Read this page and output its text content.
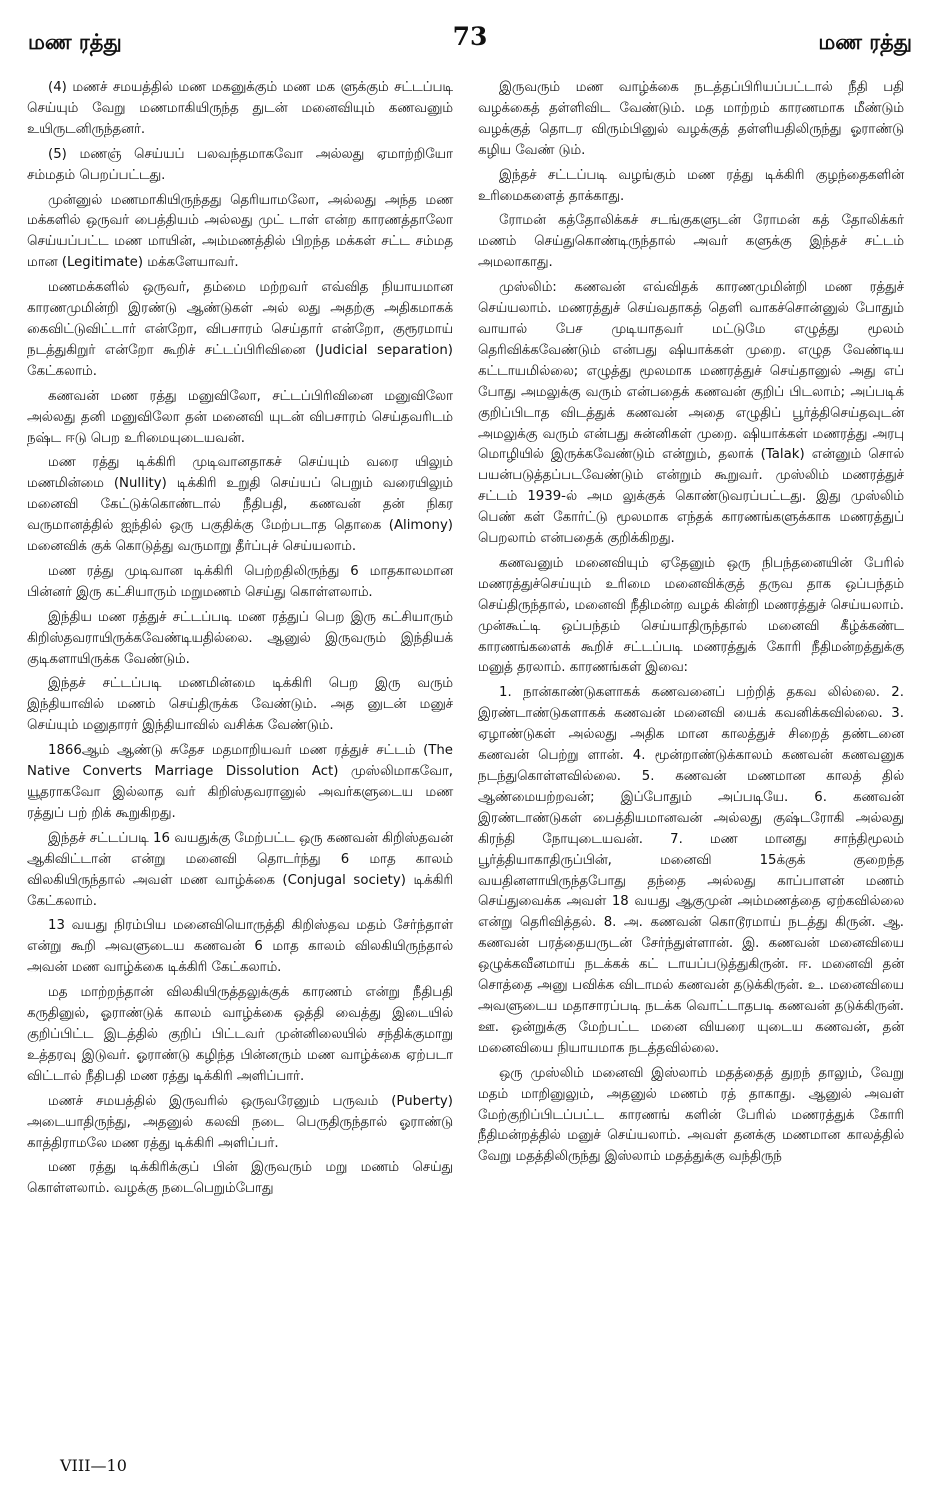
மண ரத்து	73	மண ரத்து

(4) மணச் சமயத்தில் மண மகனுக்கும் மண மக ளுக்கும் சட்டப்படி செய்யும் வேறு மணமாகியிருந்த துடன் மனைவியும் கணவனும் உயிருடனிருந்தனர்.

(5) மணஞ் செய்யப் பலவந்தமாகவோ அல்லது ஏமாற்றியோ சம்மதம் பெறப்பட்டது.

முன்னுல் மணமாகியிருந்தது தெரியாமலோ, அல்லது அந்த மண மக்களில் ஒருவர் பைத்தியம் அல்லது முட் டாள் என்ற காரணத்தாலோ செய்யப்பட்ட மண மாயின், அம்மணத்தில் பிறந்த மக்கள் சட்ட சம்மத மான (Legitimate) மக்களேயாவர்.

மணமக்களில் ஒருவர், தம்மை மற்றவர் எவ்வித நியாயமான காரணமுமின்றி இரண்டு ஆண்டுகள் அல் லது அதற்கு அதிகமாகக் கைவிட்டுவிட்டார் என்றோ, விபசாரம் செய்தார் என்றோ, குரூரமாய் நடத்துகிறுர் என்றோ கூறிச் சட்டப்பிரிவினை (Judicial separation) கேட்கலாம்.

கணவன் மண ரத்து மனுவிலோ, சட்டப்பிரிவினை மனுவிலோ அல்லது தனி மனுவிலோ தன் மனைவி யுடன் விபசாரம் செய்தவரிடம் நஷ்ட ஈடு பெற உரிமையுடையவன்.

மண ரத்து டிக்கிரி முடிவானதாகச் செய்யும் வரை யிலும் மணமின்மை (Nullity) டிக்கிரி உறுதி செய்யப் பெறும் வரையிலும் மனைவி கேட்டுக்கொண்டால் நீதிபதி, கணவன் தன் நிகர வருமானத்தில் ஐந்தில் ஒரு பகுதிக்கு மேற்படாத தொகை (Alimony) மனைவிக் குக் கொடுத்து வருமாறு தீர்ப்புச் செய்யலாம்.

மண ரத்து முடிவான டிக்கிரி பெற்றதிலிருந்து 6 மாதகாலமான பின்னர் இரு கட்சியாரும் மறுமணம் செய்து கொள்ளலாம்.

இந்திய மண ரத்துச் சட்டப்படி மண ரத்துப் பெற இரு கட்சியாரும் கிறிஸ்தவராயிருக்கவேண்டியதில்லை. ஆனுல் இருவரும் இந்தியக் குடிகளாயிருக்க வேண்டும்.

இந்தச் சட்டப்படி மணமின்மை டிக்கிரி பெற இரு வரும் இந்தியாவில் மணம் செய்திருக்க வேண்டும். அத னுடன் மனுச் செய்யும் மனுதாரர் இந்தியாவில் வசிக்க வேண்டும்.

1866ஆம் ஆண்டு சுதேச மதமாறியவர் மண ரத்துச் சட்டம் (The Native Converts Marriage Dissolution Act) முஸ்லிமாகவோ, யூதராகவோ இல்லாத வர் கிறிஸ்தவரானுல் அவர்களுடைய மண ரத்துப் பற் றிக் கூறுகிறது.

இந்தச் சட்டப்படி 16 வயதுக்கு மேற்பட்ட ஒரு கணவன் கிறிஸ்தவன் ஆகிவிட்டான் என்று மனைவி தொடர்ந்து 6 மாத காலம் விலகியிருந்தால் அவள் மண வாழ்க்கை (Conjugal society) டிக்கிரி கேட்கலாம்.

13 வயது நிரம்பிய மனைவியொருத்தி கிறிஸ்தவ மதம் சேர்ந்தாள் என்று கூறி அவளுடைய கணவன் 6 மாத காலம் விலகியிருந்தால் அவன் மண வாழ்க்கை டிக்கிரி கேட்கலாம்.

மத மாற்றந்தான் விலகியிருத்தலுக்குக் காரணம் என்று நீதிபதி கருதினுல், ஓராண்டுக் காலம் வாழ்க்கை ஒத்தி வைத்து இடையில் குறிப்பிட்ட இடத்தில் குறிப் பிட்டவர் முன்னிலையில் சந்திக்குமாறு உத்தரவு இடுவர். ஓராண்டு கழிந்த பின்னரும் மண வாழ்க்கை ஏற்படா விட்டால் நீதிபதி மண ரத்து டிக்கிரி அளிப்பார்.

மணச் சமயத்தில் இருவரில் ஒருவரேனும் பருவம் (Puberty) அடையாதிருந்து, அதனுல் கலவி நடை பெருதிருந்தால் ஓராண்டு காத்திராமலே மண ரத்து டிக்கிரி அளிப்பர்.

மண ரத்து டிக்கிரிக்குப் பின் இருவரும் மறு மணம் செய்து கொள்ளலாம். வழக்கு நடைபெறும்போது

இருவரும் மண வாழ்க்கை நடத்தப்பிரியப்பட்டால் நீதி பதி வழக்கைத் தள்ளிவிட வேண்டும். மத மாற்றம் காரணமாக மீண்டும் வழக்குத் தொடர விரும்பினுல் வழக்குத் தள்ளியதிலிருந்து ஓராண்டு கழிய வேண் டும்.

இந்தச் சட்டப்படி வழங்கும் மண ரத்து டிக்கிரி குழந்தைகளின் உரிமைகளைத் தாக்காது.

ரோமன் கத்தோலிக்கச் சடங்குகளுடன் ரோமன் கத் தோலிக்கர் மணம் செய்துகொண்டிருந்தால் அவர் களுக்கு இந்தச் சட்டம் அமலாகாது.

முஸ்லிம்: கணவன் எவ்விதக் காரணமுமின்றி மண ரத்துச் செய்யலாம். மணரத்துச் செய்வதாகத் தெளி வாகச்சொன்னுல் போதும் வாயால் பேச முடியாதவர் மட்டுமே எழுத்து மூலம் தெரிவிக்கவேண்டும் என்பது ஷியாக்கள் முறை. எழுத வேண்டிய கட்டாயமில்லை; எழுத்து மூலமாக மணரத்துச் செய்தானுல் அது எப் போது அமலுக்கு வரும் என்பதைக் கணவன் குறிப் பிடலாம்; அப்படிக் குறிப்பிடாத விடத்துக் கணவன் அதை எழுதிப் பூர்த்திசெய்தவுடன் அமலுக்கு வரும் என்பது சுன்னிகள் முறை. ஷியாக்கள் மணரத்து அரபு மொழியில் இருக்கவேண்டும் என்றும், தலாக் (Talak) என்னும் சொல் பயன்படுத்தப்படவேண்டும் என்றும் கூறுவர். முஸ்லிம் மணரத்துச் சட்டம் 1939-ல் அம லுக்குக் கொண்டுவரப்பட்டது. இது முஸ்லிம் பெண் கள் கோர்ட்டு மூலமாக எந்தக் காரணங்களுக்காக மணரத்துப் பெறலாம் என்பதைக் குறிக்கிறது.

கணவனும் மனைவியும் ஏதேனும் ஒரு நிபந்தனையின் பேரில் மணரத்துச்செய்யும் உரிமை மனைவிக்குத் தருவ தாக ஒப்பந்தம் செய்திருந்தால், மனைவி நீதிமன்ற வழக் கின்றி மணரத்துச் செய்யலாம். முன்கூட்டி ஒப்பந்தம் செய்யாதிருந்தால் மனைவி கீழ்க்கண்ட காரணங்களைக் கூறிச் சட்டப்படி மணரத்துக் கோரி நீதிமன்றத்துக்கு மனுத் தரலாம். காரணங்கள் இவை:

1. நான்காண்டுகளாகக் கணவனைப் பற்றித் தகவ லில்லை. 2. இரண்டாண்டுகளாகக் கணவன் மனைவி யைக் கவனிக்கவில்லை. 3. ஏழாண்டுகள் அல்லது அதிக மான காலத்துச் சிறைத் தண்டனை கணவன் பெற்று ளான். 4. மூன்றாண்டுக்காலம் கணவன் கணவனுக நடந்துகொள்ளவில்லை. 5. கணவன் மணமான காலத் தில் ஆண்மையற்றவன்; இப்போதும் அப்படியே. 6. கணவன் இரண்டாண்டுகள் பைத்தியமானவன் அல்லது குஷ்டரோகி அல்லது கிரந்தி நோயுடையவன். 7. மண மானது சாந்திமூலம் பூர்த்தியாகாதிருப்பின், மனைவி 15க்குக் குறைந்த வயதினளாயிருந்தபோது தந்தை அல்லது காப்பாளன் மணம் செய்துவைக்க அவள் 18 வயது ஆகுமுன் அம்மணத்தை ஏற்கவில்லை என்று தெரிவித்தல். 8. அ. கணவன் கொடூரமாய் நடத்து கிருன். ஆ. கணவன் பரத்தையருடன் சேர்ந்துள்ளான். இ. கணவன் மனைவியை ஒழுக்கவீனமாய் நடக்கக் கட் டாயப்படுத்துகிருன். ஈ. மனைவி தன் சொத்தை அனு பவிக்க விடாமல் கணவன் தடுக்கிருன். உ. மனைவியை அவளுடைய மதாசாரப்படி நடக்க வொட்டாதபடி கணவன் தடுக்கிருன். ஊ. ஒன்றுக்கு மேற்பட்ட மனை வியரை யுடைய கணவன், தன் மனைவியை நியாயமாக நடத்தவில்லை.

ஒரு முஸ்லிம் மனைவி இஸ்லாம் மதத்தைத் துறந் தாலும், வேறு மதம் மாறினுலும், அதனுல் மணம் ரத் தாகாது. ஆனுல் அவள் மேற்குறிப்பிடப்பட்ட காரணங் களின் பேரில் மணரத்துக் கோரி நீதிமன்றத்தில் மனுச் செய்யலாம். அவள் தனக்கு மணமான காலத்தில் வேறு மதத்திலிருந்து இஸ்லாம் மதத்துக்கு வந்திருந்

VIII—10
